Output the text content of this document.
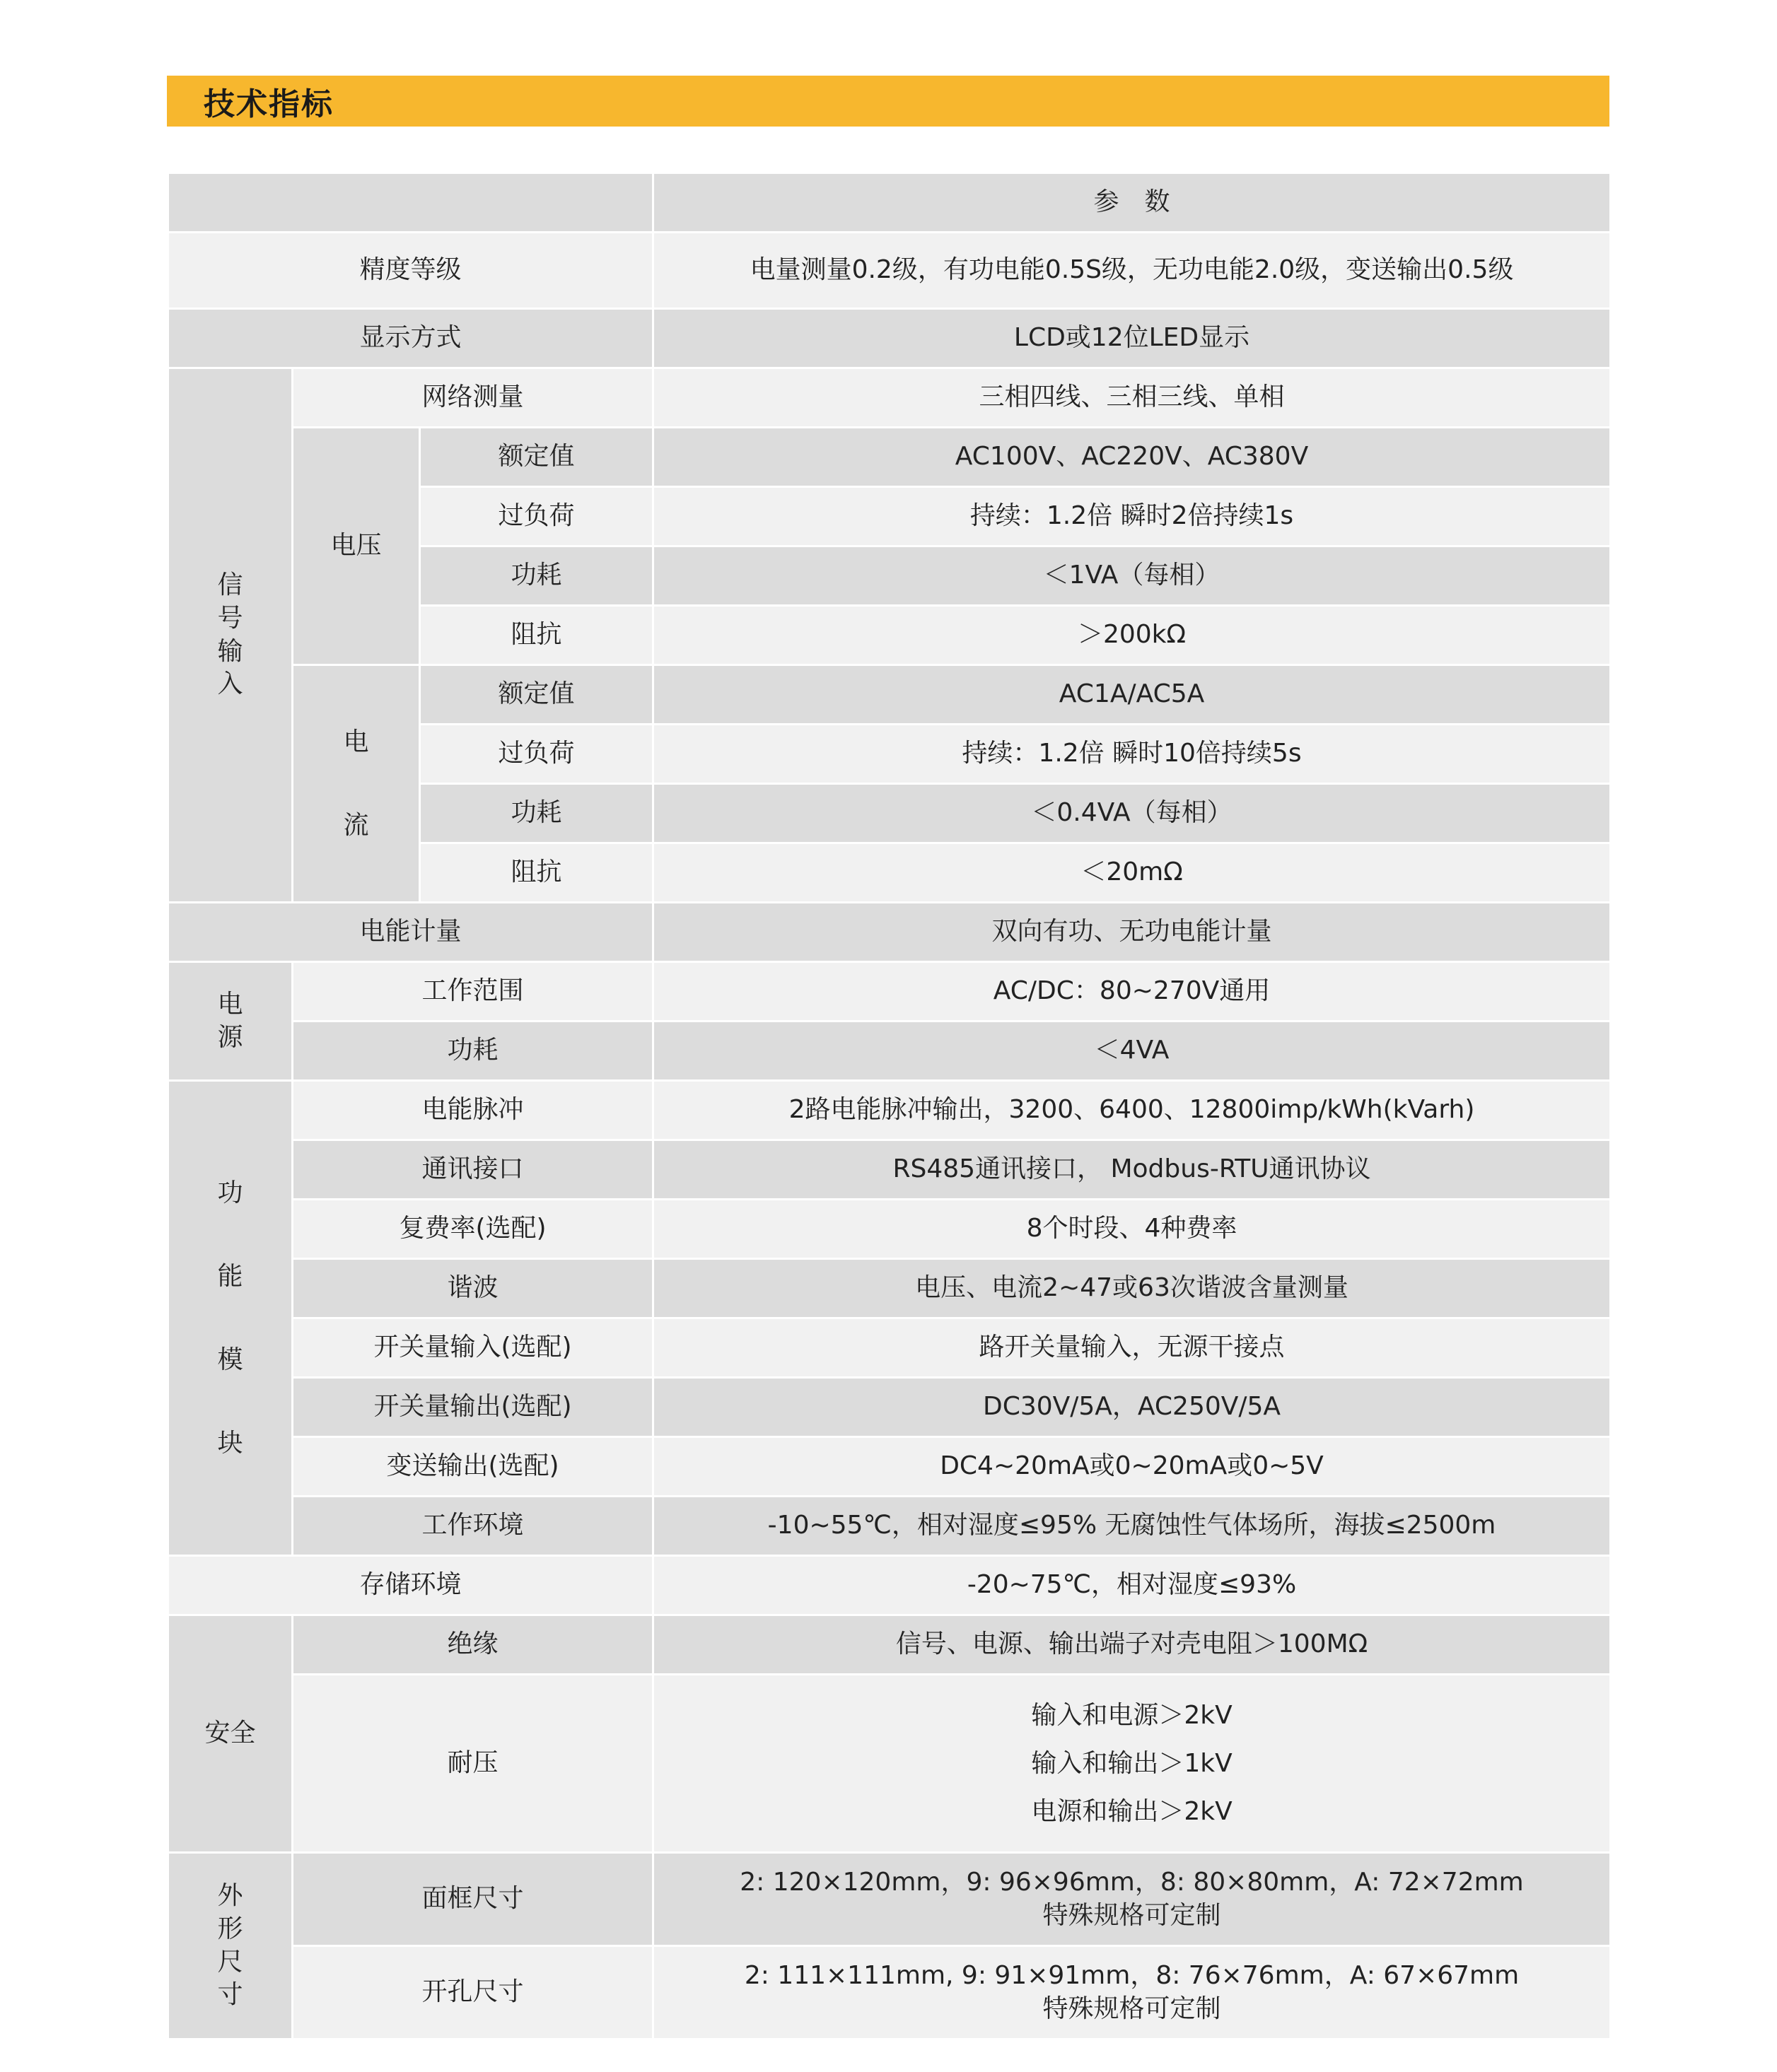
技术指标
			参　数
精度等级			电量测量0.2级，有功电能0.5S级，无功电能2.0级，变送输出0.5级
显示方式			LCD或12位LED显示

信
号
输
入	网络测量		三相四线、三相三线、单相
	电压	额定值	AC100V、AC220V、AC380V
		过负荷	持续：1.2倍 瞬时2倍持续1s
		功耗	＜1VA（每相）
		阻抗	＞200kΩ

	电
流	额定值	AC1A/AC5A
		过负荷	持续：1.2倍 瞬时10倍持续5s
		功耗	＜0.4VA（每相）
		阻抗	＜20mΩ
电能计量			双向有功、无功电能计量

电
源	工作范围		AC/DC：80~270V通用
	功耗		＜4VA

功
能
模
块	电能脉冲		2路电能脉冲输出，3200、6400、12800imp/kWh(kVarh)
	通讯接口		RS485通讯接口， Modbus-RTU通讯协议
	复费率(选配)		8个时段、4种费率
	谐波		电压、电流2~47或63次谐波含量测量
	开关量输入(选配)		路开关量输入，无源干接点
	开关量输出(选配)		DC30V/5A，AC250V/5A
	变送输出(选配)		DC4~20mA或0~20mA或0~5V
	工作环境		-10~55℃，相对湿度≤95% 无腐蚀性气体场所，海拔≤2500m
存储环境			-20~75℃，相对湿度≤93%
安全	绝缘		信号、电源、输出端子对壳电阻＞100MΩ
	耐压		输入和电源＞2kV
输入和输出＞1kV
电源和输出＞2kV

外
形
尺
寸	面框尺寸		2: 120×120mm，9: 96×96mm，8: 80×80mm，A: 72×72mm
特殊规格可定制

	开孔尺寸		2: 111×111mm, 9: 91×91mm，8: 76×76mm，A: 67×67mm
特殊规格可定制
